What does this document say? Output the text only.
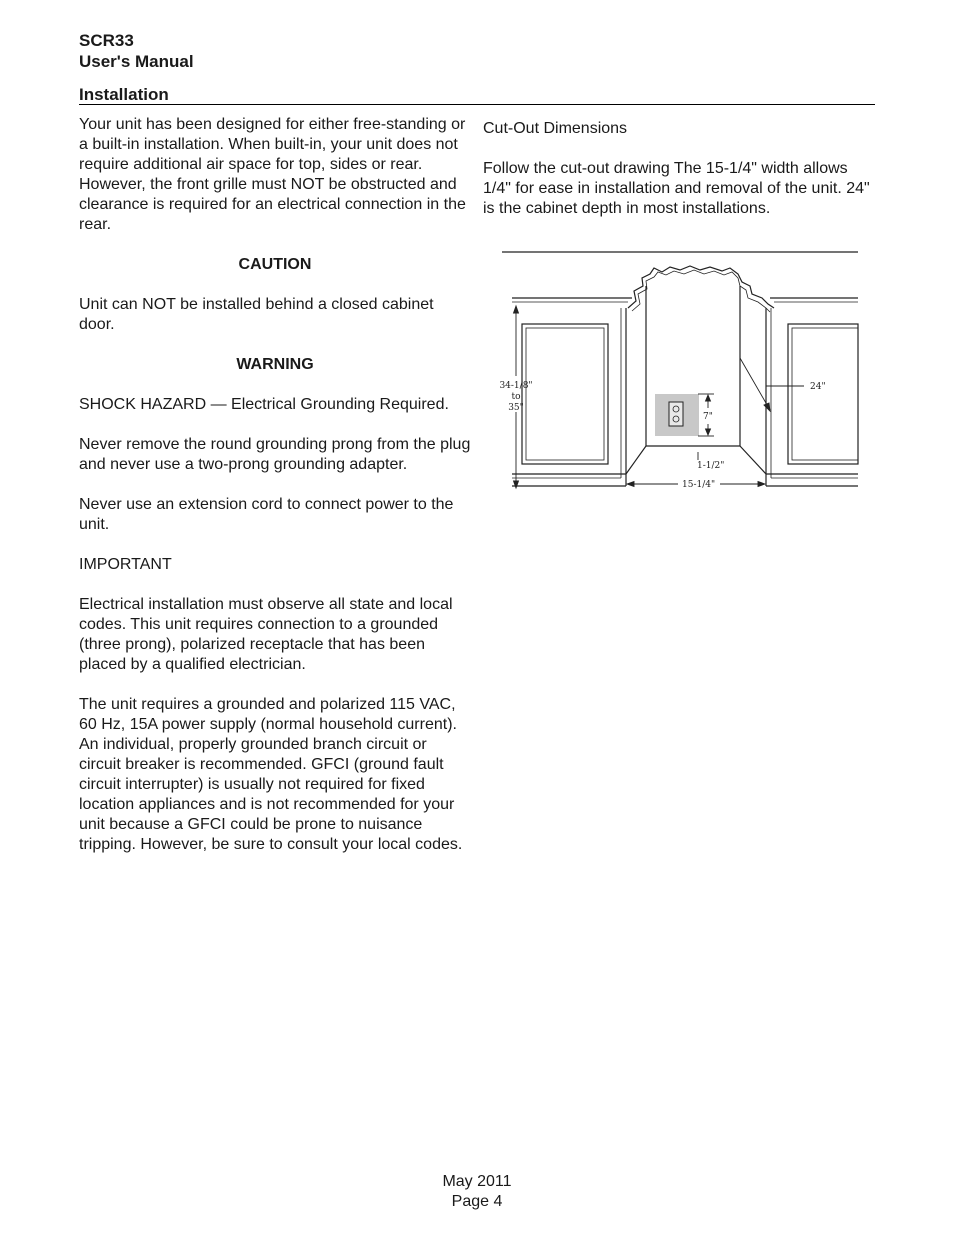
SCR33
User's Manual
Installation

Your unit has been designed for either free-standing or a built-in installation. When built-in, your unit does not require additional air space for top, sides or rear. However, the front grille must NOT be obstructed and clearance is required for an electrical connection in the rear.

CAUTION

Unit can NOT be installed behind a closed cabinet door.

WARNING

SHOCK HAZARD — Electrical Grounding Required.

Never remove the round grounding prong from the plug and never use a two-prong grounding adapter.

Never use an extension cord to connect power to the unit.

IMPORTANT

Electrical installation must observe all state and local codes. This unit requires connection to a grounded (three prong), polarized receptacle that has been placed by a qualified electrician.

The unit requires a grounded and polarized 115 VAC, 60 Hz, 15A power supply (normal household current). An individual, properly grounded branch circuit or circuit breaker is recommended. GFCI (ground fault circuit interrupter) is usually not required for fixed location appliances and is not recommended for your unit because a GFCI could be prone to nuisance tripping. However, be sure to consult your local codes.

Cut-Out Dimensions

Follow the cut-out drawing The 15-1/4" width allows 1/4" for ease in installation and removal of the unit. 24" is the cabinet depth in most installations.

34-1/8"
to
35"
7"
24"
1-1/2"
15-1/4"
May 2011
Page 4
